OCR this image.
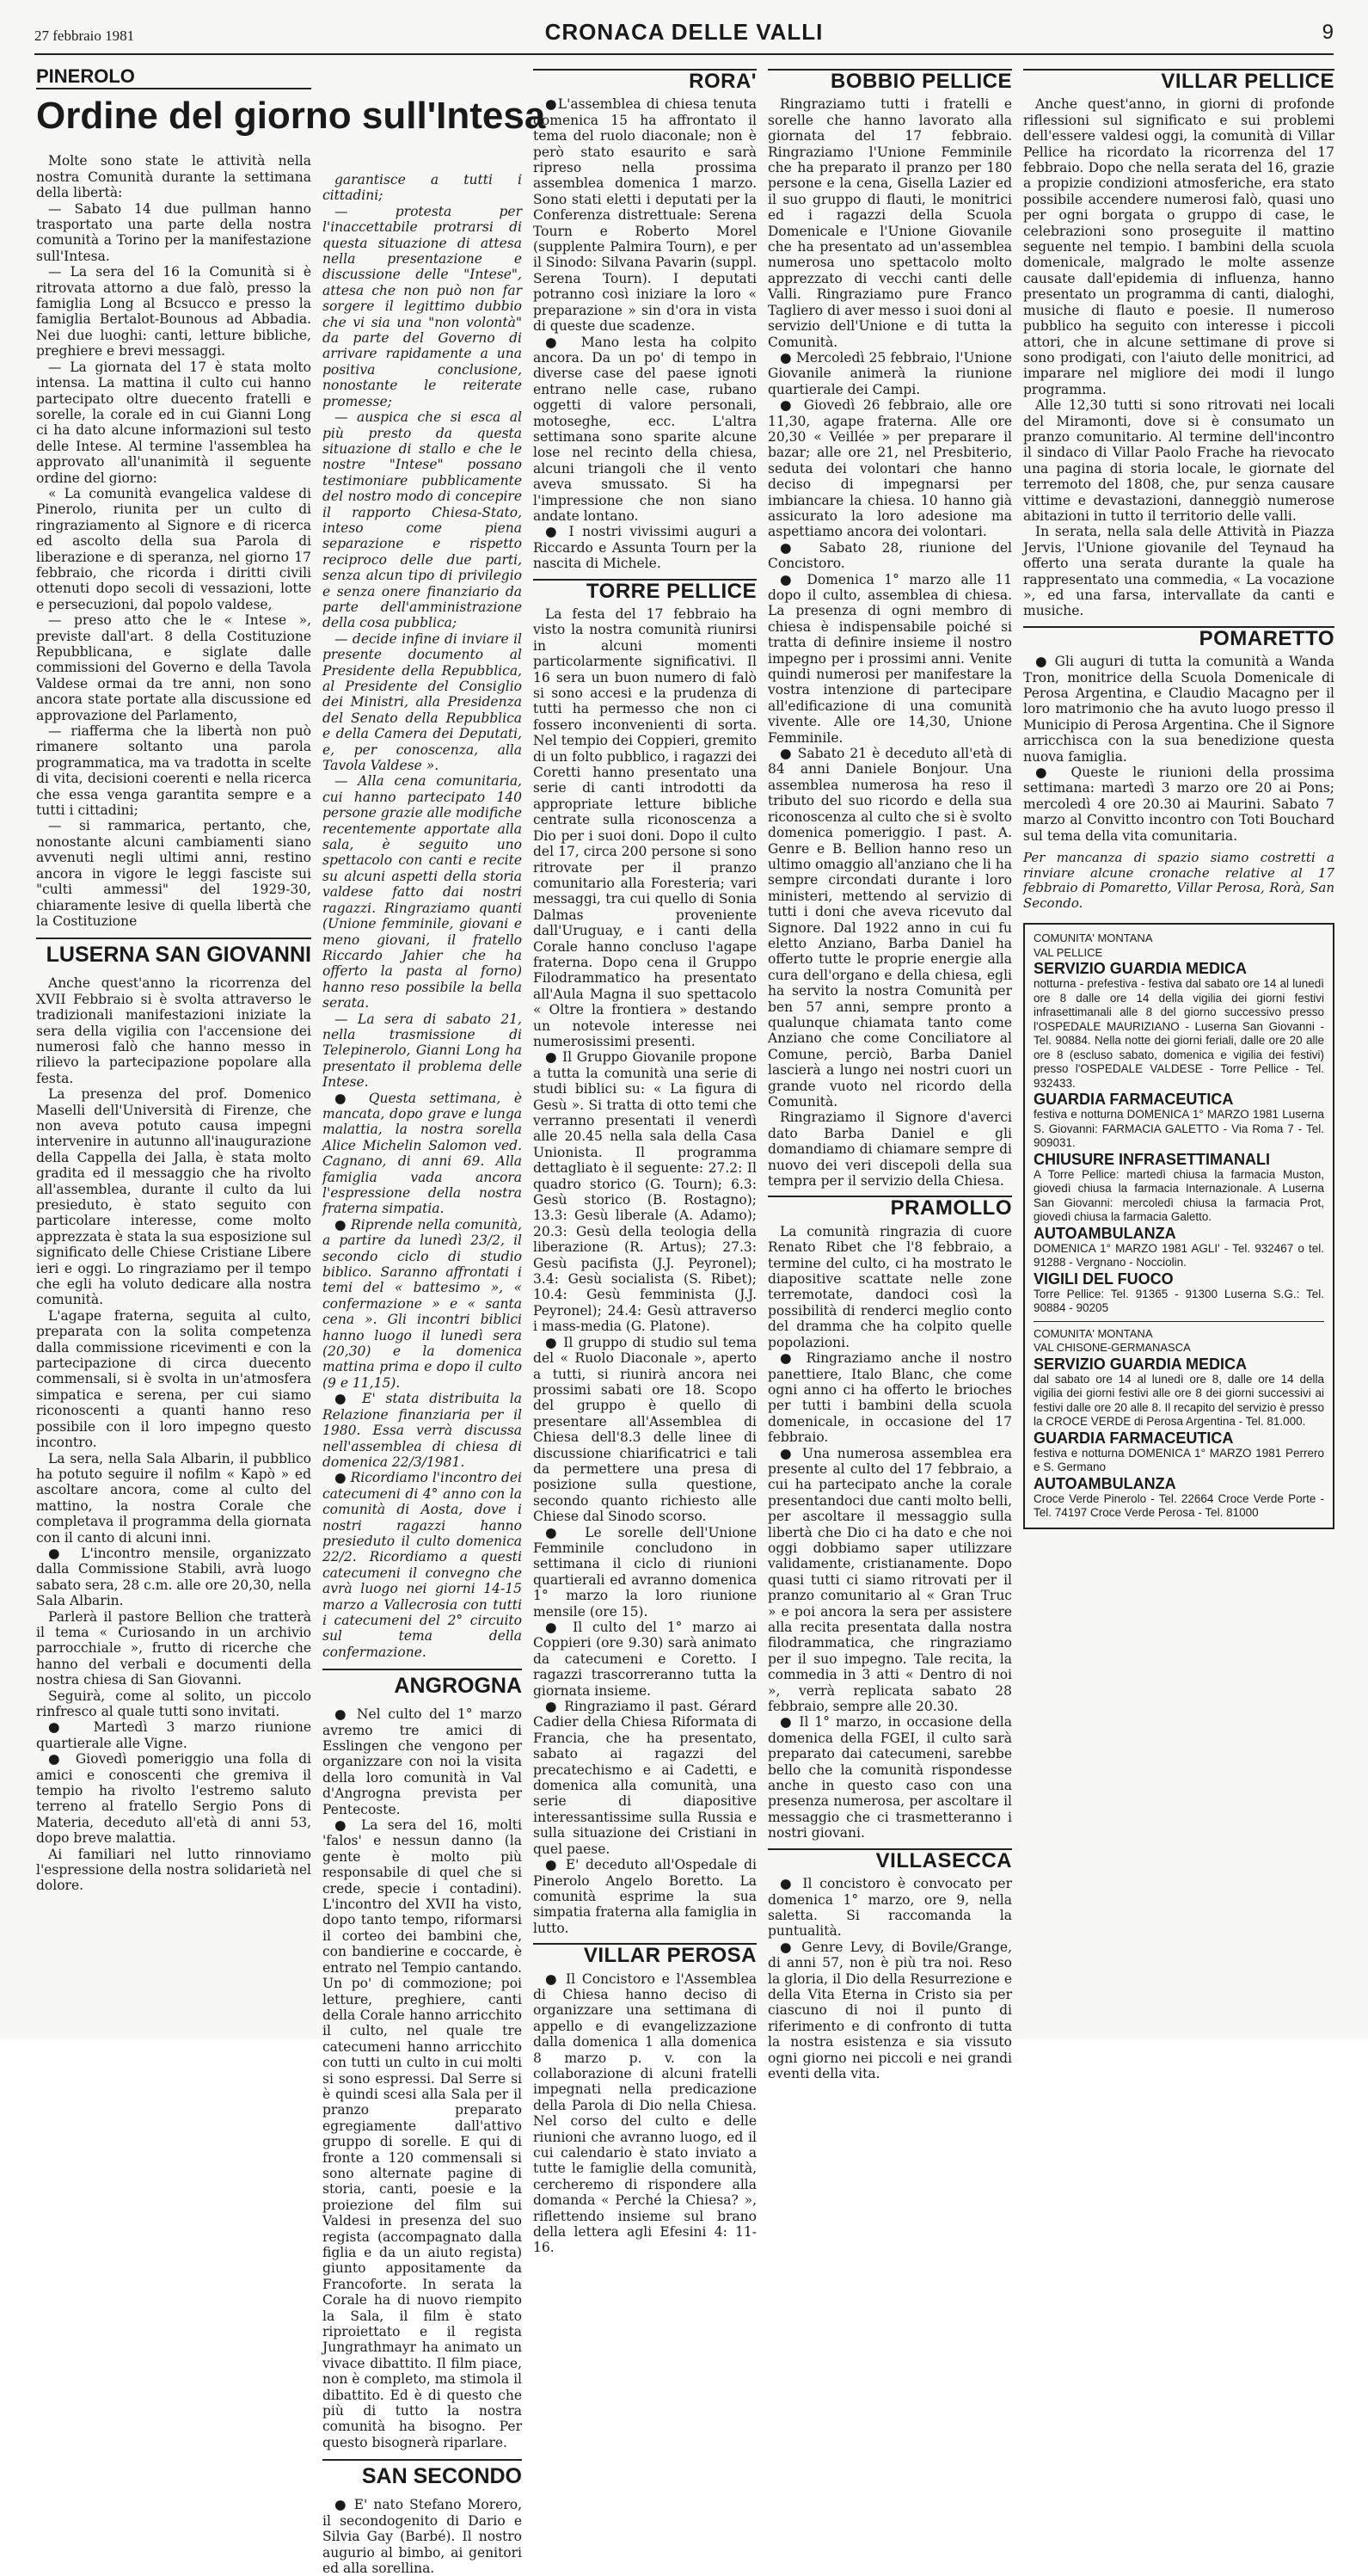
27 febbraio 1981	CRONACA DELLE VALLI	9
PINEROLO
Ordine del giorno sull'Intesa

Molte sono state le attività nella nostra Comunità durante la settimana della libertà:

— Sabato 14 due pullman hanno trasportato una parte della nostra comunità a Torino per la manifestazione sull'Intesa.

— La sera del 16 la Comunità si è ritrovata attorno a due falò, presso la famiglia Long al Bcsucco e presso la famiglia Bertalot-Bounous ad Abbadia. Nei due luoghi: canti, letture bibliche, preghiere e brevi messaggi.

— La giornata del 17 è stata molto intensa. La mattina il culto cui hanno partecipato oltre duecento fratelli e sorelle, la corale ed in cui Gianni Long ci ha dato alcune informazioni sul testo delle Intese. Al termine l'assemblea ha approvato all'unanimità il seguente ordine del giorno:

« La comunità evangelica valdese di Pinerolo, riunita per un culto di ringraziamento al Signore e di ricerca ed ascolto della sua Parola di liberazione e di speranza, nel giorno 17 febbraio, che ricorda i diritti civili ottenuti dopo secoli di vessazioni, lotte e persecuzioni, dal popolo valdese,

— preso atto che le « Intese », previste dall'art. 8 della Costituzione Repubblicana, e siglate dalle commissioni del Governo e della Tavola Valdese ormai da tre anni, non sono ancora state portate alla discussione ed approvazione del Parlamento,

— riafferma che la libertà non può rimanere soltanto una parola programmatica, ma va tradotta in scelte di vita, decisioni coerenti e nella ricerca che essa venga garantita sempre e a tutti i cittadini;

— si rammarica, pertanto, che, nonostante alcuni cambiamenti siano avvenuti negli ultimi anni, restino ancora in vigore le leggi fasciste sui "culti ammessi" del 1929-30, chiaramente lesive di quella libertà che la Costituzione

LUSERNA SAN GIOVANNI

Anche quest'anno la ricorrenza del XVII Febbraio si è svolta attraverso le tradizionali manifestazioni iniziate la sera della vigilia con l'accensione dei numerosi falò che hanno messo in rilievo la partecipazione popolare alla festa.

La presenza del prof. Domenico Maselli dell'Università di Firenze, che non aveva potuto causa impegni intervenire in autunno all'inaugurazione della Cappella dei Jalla, è stata molto gradita ed il messaggio che ha rivolto all'assemblea, durante il culto da lui presieduto, è stato seguito con particolare interesse, come molto apprezzata è stata la sua esposizione sul significato delle Chiese Cristiane Libere ieri e oggi. Lo ringraziamo per il tempo che egli ha voluto dedicare alla nostra comunità.

L'agape fraterna, seguita al culto, preparata con la solita competenza dalla commissione ricevimenti e con la partecipazione di circa duecento commensali, si è svolta in un'atmosfera simpatica e serena, per cui siamo riconoscenti a quanti hanno reso possibile con il loro impegno questo incontro.

La sera, nella Sala Albarin, il pubblico ha potuto seguire il nofilm « Kapò » ed ascoltare ancora, come al culto del mattino, la nostra Corale che completava il programma della giornata con il canto di alcuni inni.

● L'incontro mensile, organizzato dalla Commissione Stabili, avrà luogo sabato sera, 28 c.m. alle ore 20,30, nella Sala Albarin.

Parlerà il pastore Bellion che tratterà il tema « Curiosando in un archivio parrocchiale », frutto di ricerche che hanno del verbali e documenti della nostra chiesa di San Giovanni.

Seguirà, come al solito, un piccolo rinfresco al quale tutti sono invitati.

● Martedì 3 marzo riunione quartierale alle Vigne.

● Giovedì pomeriggio una folla di amici e conoscenti che gremiva il tempio ha rivolto l'estremo saluto terreno al fratello Sergio Pons di Materia, deceduto all'età di anni 53, dopo breve malattia.

Ai familiari nel lutto rinnoviamo l'espressione della nostra solidarietà nel dolore.

garantisce a tutti i cittadini;

— protesta per l'inaccettabile protrarsi di questa situazione di attesa nella presentazione e discussione delle "Intese", attesa che non può non far sorgere il legittimo dubbio che vi sia una "non volontà" da parte del Governo di arrivare rapidamente a una positiva conclusione, nonostante le reiterate promesse;

— auspica che si esca al più presto da questa situazione di stallo e che le nostre "Intese" possano testimoniare pubblicamente del nostro modo di concepire il rapporto Chiesa-Stato, inteso come piena separazione e rispetto reciproco delle due parti, senza alcun tipo di privilegio e senza onere finanziario da parte dell'amministrazione della cosa pubblica;

— decide infine di inviare il presente documento al Presidente della Repubblica, al Presidente del Consiglio dei Ministri, alla Presidenza del Senato della Repubblica e della Camera dei Deputati, e, per conoscenza, alla Tavola Valdese ».

— Alla cena comunitaria, cui hanno partecipato 140 persone grazie alle modifiche recentemente apportate alla sala, è seguito uno spettacolo con canti e recite su alcuni aspetti della storia valdese fatto dai nostri ragazzi. Ringraziamo quanti (Unione femminile, giovani e meno giovani, il fratello Riccardo Jahier che ha offerto la pasta al forno) hanno reso possibile la bella serata.

— La sera di sabato 21, nella trasmissione di Telepinerolo, Gianni Long ha presentato il problema delle Intese.

● Questa settimana, è mancata, dopo grave e lunga malattia, la nostra sorella Alice Michelin Salomon ved. Cagnano, di anni 69. Alla famiglia vada ancora l'espressione della nostra fraterna simpatia.

● Riprende nella comunità, a partire da lunedì 23/2, il secondo ciclo di studio biblico. Saranno affrontati i temi del « battesimo », « confermazione » e « santa cena ». Gli incontri biblici hanno luogo il lunedì sera (20,30) e la domenica mattina prima e dopo il culto (9 e 11,15).

● E' stata distribuita la Relazione finanziaria per il 1980. Essa verrà discussa nell'assemblea di chiesa di domenica 22/3/1981.

● Ricordiamo l'incontro dei catecumeni di 4° anno con la comunità di Aosta, dove i nostri ragazzi hanno presieduto il culto domenica 22/2. Ricordiamo a questi catecumeni il convegno che avrà luogo nei giorni 14-15 marzo a Vallecrosia con tutti i catecumeni del 2° circuito sul tema della confermazione.

ANGROGNA

● Nel culto del 1° marzo avremo tre amici di Esslingen che vengono per organizzare con noi la visita della loro comunità in Val d'Angrogna prevista per Pentecoste.

● La sera del 16, molti 'falos' e nessun danno (la gente è molto più responsabile di quel che si crede, specie i contadini). L'incontro del XVII ha visto, dopo tanto tempo, riformarsi il corteo dei bambini che, con bandierine e coccarde, è entrato nel Tempio cantando. Un po' di commozione; poi letture, preghiere, canti della Corale hanno arricchito il culto, nel quale tre catecumeni hanno arricchito con tutti un culto in cui molti si sono espressi. Dal Serre si è quindi scesi alla Sala per il pranzo preparato egregiamente dall'attivo gruppo di sorelle. E qui di fronte a 120 commensali si sono alternate pagine di storia, canti, poesie e la proiezione del film sui Valdesi in presenza del suo regista (accompagnato dalla figlia e da un aiuto regista) giunto appositamente da Francoforte. In serata la Corale ha di nuovo riempito la Sala, il film è stato riproiettato e il regista Jungrathmayr ha animato un vivace dibattito. Il film piace, non è completo, ma stimola il dibattito. Ed è di questo che più di tutto la nostra comunità ha bisogno. Per questo bisognerà riparlare.

SAN SECONDO

● E' nato Stefano Morero, il secondogenito di Dario e Silvia Gay (Barbé). Il nostro augurio al bimbo, ai genitori ed alla sorellina.

RORA'

●L'assemblea di chiesa tenuta domenica 15 ha affrontato il tema del ruolo diaconale; non è però stato esaurito e sarà ripreso nella prossima assemblea domenica 1 marzo. Sono stati eletti i deputati per la Conferenza distrettuale: Serena Tourn e Roberto Morel (supplente Palmira Tourn), e per il Sinodo: Silvana Pavarin (suppl. Serena Tourn). I deputati potranno così iniziare la loro « preparazione » sin d'ora in vista di queste due scadenze.

● Mano lesta ha colpito ancora. Da un po' di tempo in diverse case del paese ignoti entrano nelle case, rubano oggetti di valore personali, motoseghe, ecc. L'altra settimana sono sparite alcune lose nel recinto della chiesa, alcuni triangoli che il vento aveva smussato. Si ha l'impressione che non siano andate lontano.

● I nostri vivissimi auguri a Riccardo e Assunta Tourn per la nascita di Michele.

TORRE PELLICE

La festa del 17 febbraio ha visto la nostra comunità riunirsi in alcuni momenti particolarmente significativi. Il 16 sera un buon numero di falò si sono accesi e la prudenza di tutti ha permesso che non ci fossero inconvenienti di sorta. Nel tempio dei Coppieri, gremito di un folto pubblico, i ragazzi dei Coretti hanno presentato una serie di canti introdotti da appropriate letture bibliche centrate sulla riconoscenza a Dio per i suoi doni. Dopo il culto del 17, circa 200 persone si sono ritrovate per il pranzo comunitario alla Foresteria; vari messaggi, tra cui quello di Sonia Dalmas proveniente dall'Uruguay, e i canti della Corale hanno concluso l'agape fraterna. Dopo cena il Gruppo Filodrammatico ha presentato all'Aula Magna il suo spettacolo « Oltre la frontiera » destando un notevole interesse nei numerosissimi presenti.

● Il Gruppo Giovanile propone a tutta la comunità una serie di studi biblici su: « La figura di Gesù ». Si tratta di otto temi che verranno presentati il venerdì alle 20.45 nella sala della Casa Unionista. Il programma dettagliato è il seguente: 27.2: Il quadro storico (G. Tourn); 6.3: Gesù storico (B. Rostagno); 13.3: Gesù liberale (A. Adamo); 20.3: Gesù della teologia della liberazione (R. Artus); 27.3: Gesù pacifista (J.J. Peyronel); 3.4: Gesù socialista (S. Ribet); 10.4: Gesù femminista (J.J. Peyronel); 24.4: Gesù attraverso i mass-media (G. Platone).

● Il gruppo di studio sul tema del « Ruolo Diaconale », aperto a tutti, si riunirà ancora nei prossimi sabati ore 18. Scopo del gruppo è quello di presentare all'Assemblea di Chiesa dell'8.3 delle linee di discussione chiarificatrici e tali da permettere una presa di posizione sulla questione, secondo quanto richiesto alle Chiese dal Sinodo scorso.

● Le sorelle dell'Unione Femminile concludono in settimana il ciclo di riunioni quartierali ed avranno domenica 1° marzo la loro riunione mensile (ore 15).

● Il culto del 1° marzo ai Coppieri (ore 9.30) sarà animato da catecumeni e Coretto. I ragazzi trascorreranno tutta la giornata insieme.

● Ringraziamo il past. Gérard Cadier della Chiesa Riformata di Francia, che ha presentato, sabato ai ragazzi del precatechismo e ai Cadetti, e domenica alla comunità, una serie di diapositive interessantissime sulla Russia e sulla situazione dei Cristiani in quel paese.

● E' deceduto all'Ospedale di Pinerolo Angelo Boretto. La comunità esprime la sua simpatia fraterna alla famiglia in lutto.

VILLAR PEROSA

● Il Concistoro e l'Assemblea di Chiesa hanno deciso di organizzare una settimana di appello e di evangelizzazione dalla domenica 1 alla domenica 8 marzo p. v. con la collaborazione di alcuni fratelli impegnati nella predicazione della Parola di Dio nella Chiesa. Nel corso del culto e delle riunioni che avranno luogo, ed il cui calendario è stato inviato a tutte le famiglie della comunità, cercheremo di rispondere alla domanda « Perché la Chiesa? », riflettendo insieme sul brano della lettera agli Efesini 4: 11-16.

BOBBIO PELLICE

Ringraziamo tutti i fratelli e sorelle che hanno lavorato alla giornata del 17 febbraio. Ringraziamo l'Unione Femminile che ha preparato il pranzo per 180 persone e la cena, Gisella Lazier ed il suo gruppo di flauti, le monitrici ed i ragazzi della Scuola Domenicale e l'Unione Giovanile che ha presentato ad un'assemblea numerosa uno spettacolo molto apprezzato di vecchi canti delle Valli. Ringraziamo pure Franco Tagliero di aver messo i suoi doni al servizio dell'Unione e di tutta la Comunità.

● Mercoledì 25 febbraio, l'Unione Giovanile animerà la riunione quartierale dei Campi.

● Giovedì 26 febbraio, alle ore 11,30, agape fraterna. Alle ore 20,30 « Veillée » per preparare il bazar; alle ore 21, nel Presbiterio, seduta dei volontari che hanno deciso di impegnarsi per imbiancare la chiesa. 10 hanno già assicurato la loro adesione ma aspettiamo ancora dei volontari.

● Sabato 28, riunione del Concistoro.

● Domenica 1° marzo alle 11 dopo il culto, assemblea di chiesa. La presenza di ogni membro di chiesa è indispensabile poiché si tratta di definire insieme il nostro impegno per i prossimi anni. Venite quindi numerosi per manifestare la vostra intenzione di partecipare all'edificazione di una comunità vivente. Alle ore 14,30, Unione Femminile.

● Sabato 21 è deceduto all'età di 84 anni Daniele Bonjour. Una assemblea numerosa ha reso il tributo del suo ricordo e della sua riconoscenza al culto che si è svolto domenica pomeriggio. I past. A. Genre e B. Bellion hanno reso un ultimo omaggio all'anziano che li ha sempre circondati durante i loro ministeri, mettendo al servizio di tutti i doni che aveva ricevuto dal Signore. Dal 1922 anno in cui fu eletto Anziano, Barba Daniel ha offerto tutte le proprie energie alla cura dell'organo e della chiesa, egli ha servito la nostra Comunità per ben 57 anni, sempre pronto a qualunque chiamata tanto come Anziano che come Conciliatore al Comune, perciò, Barba Daniel lascierà a lungo nei nostri cuori un grande vuoto nel ricordo della Comunità.

Ringraziamo il Signore d'averci dato Barba Daniel e gli domandiamo di chiamare sempre di nuovo dei veri discepoli della sua tempra per il servizio della Chiesa.

PRAMOLLO

La comunità ringrazia di cuore Renato Ribet che l'8 febbraio, a termine del culto, ci ha mostrato le diapositive scattate nelle zone terremotate, dandoci così la possibilità di renderci meglio conto del dramma che ha colpito quelle popolazioni.

● Ringraziamo anche il nostro panettiere, Italo Blanc, che come ogni anno ci ha offerto le brioches per tutti i bambini della scuola domenicale, in occasione del 17 febbraio.

● Una numerosa assemblea era presente al culto del 17 febbraio, a cui ha partecipato anche la corale presentandoci due canti molto belli, per ascoltare il messaggio sulla libertà che Dio ci ha dato e che noi oggi dobbiamo saper utilizzare validamente, cristianamente. Dopo quasi tutti ci siamo ritrovati per il pranzo comunitario al « Gran Truc » e poi ancora la sera per assistere alla recita presentata dalla nostra filodrammatica, che ringraziamo per il suo impegno. Tale recita, la commedia in 3 atti « Dentro di noi », verrà replicata sabato 28 febbraio, sempre alle 20.30.

● Il 1° marzo, in occasione della domenica della FGEI, il culto sarà preparato dai catecumeni, sarebbe bello che la comunità rispondesse anche in questo caso con una presenza numerosa, per ascoltare il messaggio che ci trasmetteranno i nostri giovani.

VILLASECCA

● Il concistoro è convocato per domenica 1° marzo, ore 9, nella saletta. Si raccomanda la puntualità.

● Genre Levy, di Bovile/Grange, di anni 57, non è più tra noi. Reso la gloria, il Dio della Resurrezione e della Vita Eterna in Cristo sia per ciascuno di noi il punto di riferimento e di confronto di tutta la nostra esistenza e sia vissuto ogni giorno nei piccoli e nei grandi eventi della vita.

VILLAR PELLICE

Anche quest'anno, in giorni di profonde riflessioni sul significato e sui problemi dell'essere valdesi oggi, la comunità di Villar Pellice ha ricordato la ricorrenza del 17 febbraio. Dopo che nella serata del 16, grazie a propizie condizioni atmosferiche, era stato possibile accendere numerosi falò, quasi uno per ogni borgata o gruppo di case, le celebrazioni sono proseguite il mattino seguente nel tempio. I bambini della scuola domenicale, malgrado le molte assenze causate dall'epidemia di influenza, hanno presentato un programma di canti, dialoghi, musiche di flauto e poesie. Il numeroso pubblico ha seguito con interesse i piccoli attori, che in alcune settimane di prove si sono prodigati, con l'aiuto delle monitrici, ad imparare nel migliore dei modi il lungo programma.

Alle 12,30 tutti si sono ritrovati nei locali del Miramonti, dove si è consumato un pranzo comunitario. Al termine dell'incontro il sindaco di Villar Paolo Frache ha rievocato una pagina di storia locale, le giornate del terremoto del 1808, che, pur senza causare vittime e devastazioni, danneggiò numerose abitazioni in tutto il territorio delle valli.

In serata, nella sala delle Attività in Piazza Jervis, l'Unione giovanile del Teynaud ha offerto una serata durante la quale ha rappresentato una commedia, « La vocazione », ed una farsa, intervallate da canti e musiche.

POMARETTO

● Gli auguri di tutta la comunità a Wanda Tron, monitrice della Scuola Domenicale di Perosa Argentina, e Claudio Macagno per il loro matrimonio che ha avuto luogo presso il Municipio di Perosa Argentina. Che il Signore arricchisca con la sua benedizione questa nuova famiglia.

● Queste le riunioni della prossima settimana: martedì 3 marzo ore 20 ai Pons; mercoledì 4 ore 20.30 ai Maurini. Sabato 7 marzo al Convitto incontro con Toti Bouchard sul tema della vita comunitaria.

Per mancanza di spazio siamo costretti a rinviare alcune cronache relative al 17 febbraio di Pomaretto, Villar Perosa, Rorà, San Secondo.
COMUNITA' MONTANA
VAL PELLICE
SERVIZIO GUARDIA MEDICA

notturna - prefestiva - festiva dal sabato ore 14 al lunedì ore 8 dalle ore 14 della vigilia dei giorni festivi infrasettimanali alle 8 del giorno successivo presso l'OSPEDALE MAURIZIANO - Luserna San Giovanni - Tel. 90884. Nella notte dei giorni feriali, dalle ore 20 alle ore 8 (escluso sabato, domenica e vigilia dei festivi) presso l'OSPEDALE VALDESE - Torre Pellice - Tel. 932433.

GUARDIA FARMACEUTICA

festiva e notturna DOMENICA 1° MARZO 1981 Luserna S. Giovanni: FARMACIA GALETTO - Via Roma 7 - Tel. 909031.

CHIUSURE INFRASETTIMANALI

A Torre Pellice: martedì chiusa la farmacia Muston, giovedì chiusa la farmacia Internazionale. A Luserna San Giovanni: mercoledì chiusa la farmacia Prot, giovedì chiusa la farmacia Galetto.

AUTOAMBULANZA

DOMENICA 1° MARZO 1981 AGLI' - Tel. 932467 o tel. 91288 - Vergnano - Nocciolin.

VIGILI DEL FUOCO

Torre Pellice: Tel. 91365 - 91300 Luserna S.G.: Tel. 90884 - 90205

COMUNITA' MONTANA
VAL CHISONE-GERMANASCA
SERVIZIO GUARDIA MEDICA

dal sabato ore 14 al lunedì ore 8, dalle ore 14 della vigilia dei giorni festivi alle ore 8 dei giorni successivi ai festivi dalle ore 20 alle 8. Il recapito del servizio è presso la CROCE VERDE di Perosa Argentina - Tel. 81.000.

GUARDIA FARMACEUTICA

festiva e notturna DOMENICA 1° MARZO 1981 Perrero e S. Germano

AUTOAMBULANZA

Croce Verde Pinerolo - Tel. 22664 Croce Verde Porte - Tel. 74197 Croce Verde Perosa - Tel. 81000
